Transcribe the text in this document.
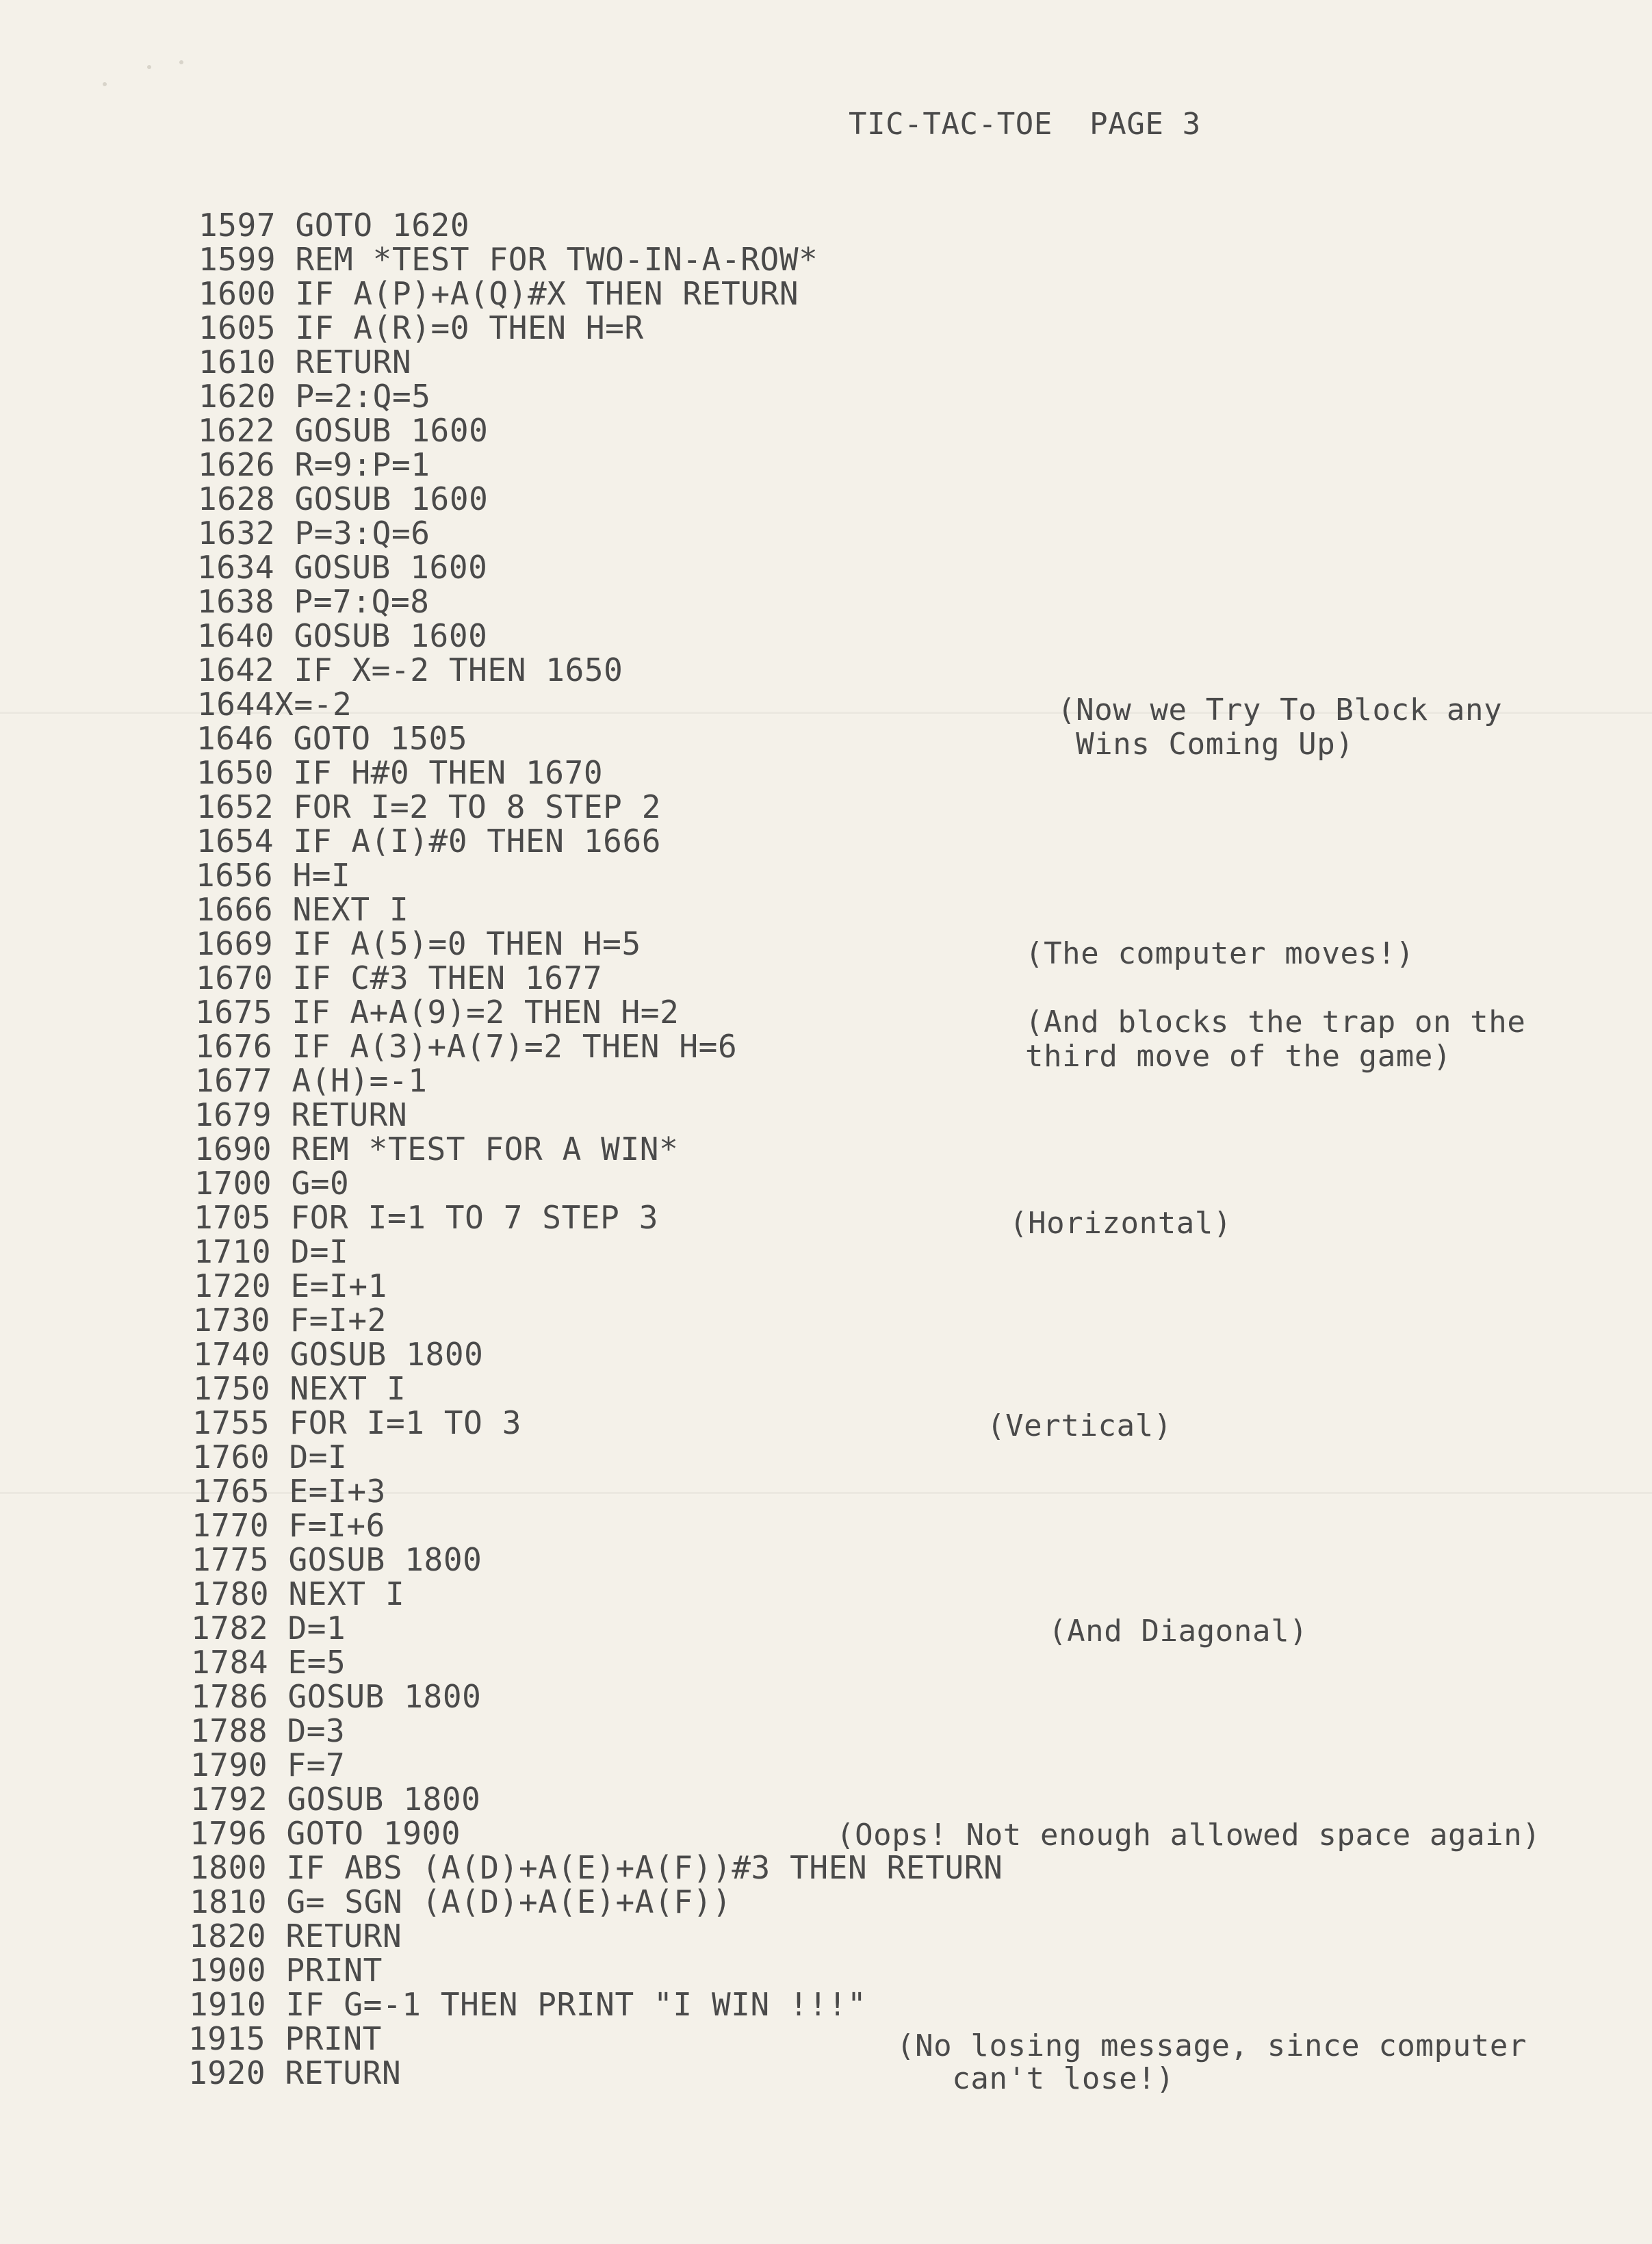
TIC-TAC-TOE  PAGE 3
1597 GOTO 1620
1599 REM *TEST FOR TWO-IN-A-ROW*
1600 IF A(P)+A(Q)#X THEN RETURN
1605 IF A(R)=0 THEN H=R
1610 RETURN
1620 P=2:Q=5
1622 GOSUB 1600
1626 R=9:P=1
1628 GOSUB 1600
1632 P=3:Q=6
1634 GOSUB 1600
1638 P=7:Q=8
1640 GOSUB 1600
1642 IF X=-2 THEN 1650
1644X=-2
1646 GOTO 1505
1650 IF H#0 THEN 1670
1652 FOR I=2 TO 8 STEP 2
1654 IF A(I)#0 THEN 1666
1656 H=I
1666 NEXT I
1669 IF A(5)=0 THEN H=5
1670 IF C#3 THEN 1677
1675 IF A+A(9)=2 THEN H=2
1676 IF A(3)+A(7)=2 THEN H=6
1677 A(H)=-1
1679 RETURN
1690 REM *TEST FOR A WIN*
1700 G=0
1705 FOR I=1 TO 7 STEP 3
1710 D=I
1720 E=I+1
1730 F=I+2
1740 GOSUB 1800
1750 NEXT I
1755 FOR I=1 TO 3
1760 D=I
1765 E=I+3
1770 F=I+6
1775 GOSUB 1800
1780 NEXT I
1782 D=1
1784 E=5
1786 GOSUB 1800
1788 D=3
1790 F=7
1792 GOSUB 1800
1796 GOTO 1900
1800 IF ABS (A(D)+A(E)+A(F))#3 THEN RETURN
1810 G= SGN (A(D)+A(E)+A(F))
1820 RETURN
1900 PRINT
1910 IF G=-1 THEN PRINT "I WIN !!!"
1915 PRINT
1920 RETURN
(Now we Try To Block any
Wins Coming Up)
(The computer moves!)
(And blocks the trap on the
third move of the game)
(Horizontal)
(Vertical)
(And Diagonal)
(Oops! Not enough allowed space again)
(No losing message, since computer
can't lose!)
